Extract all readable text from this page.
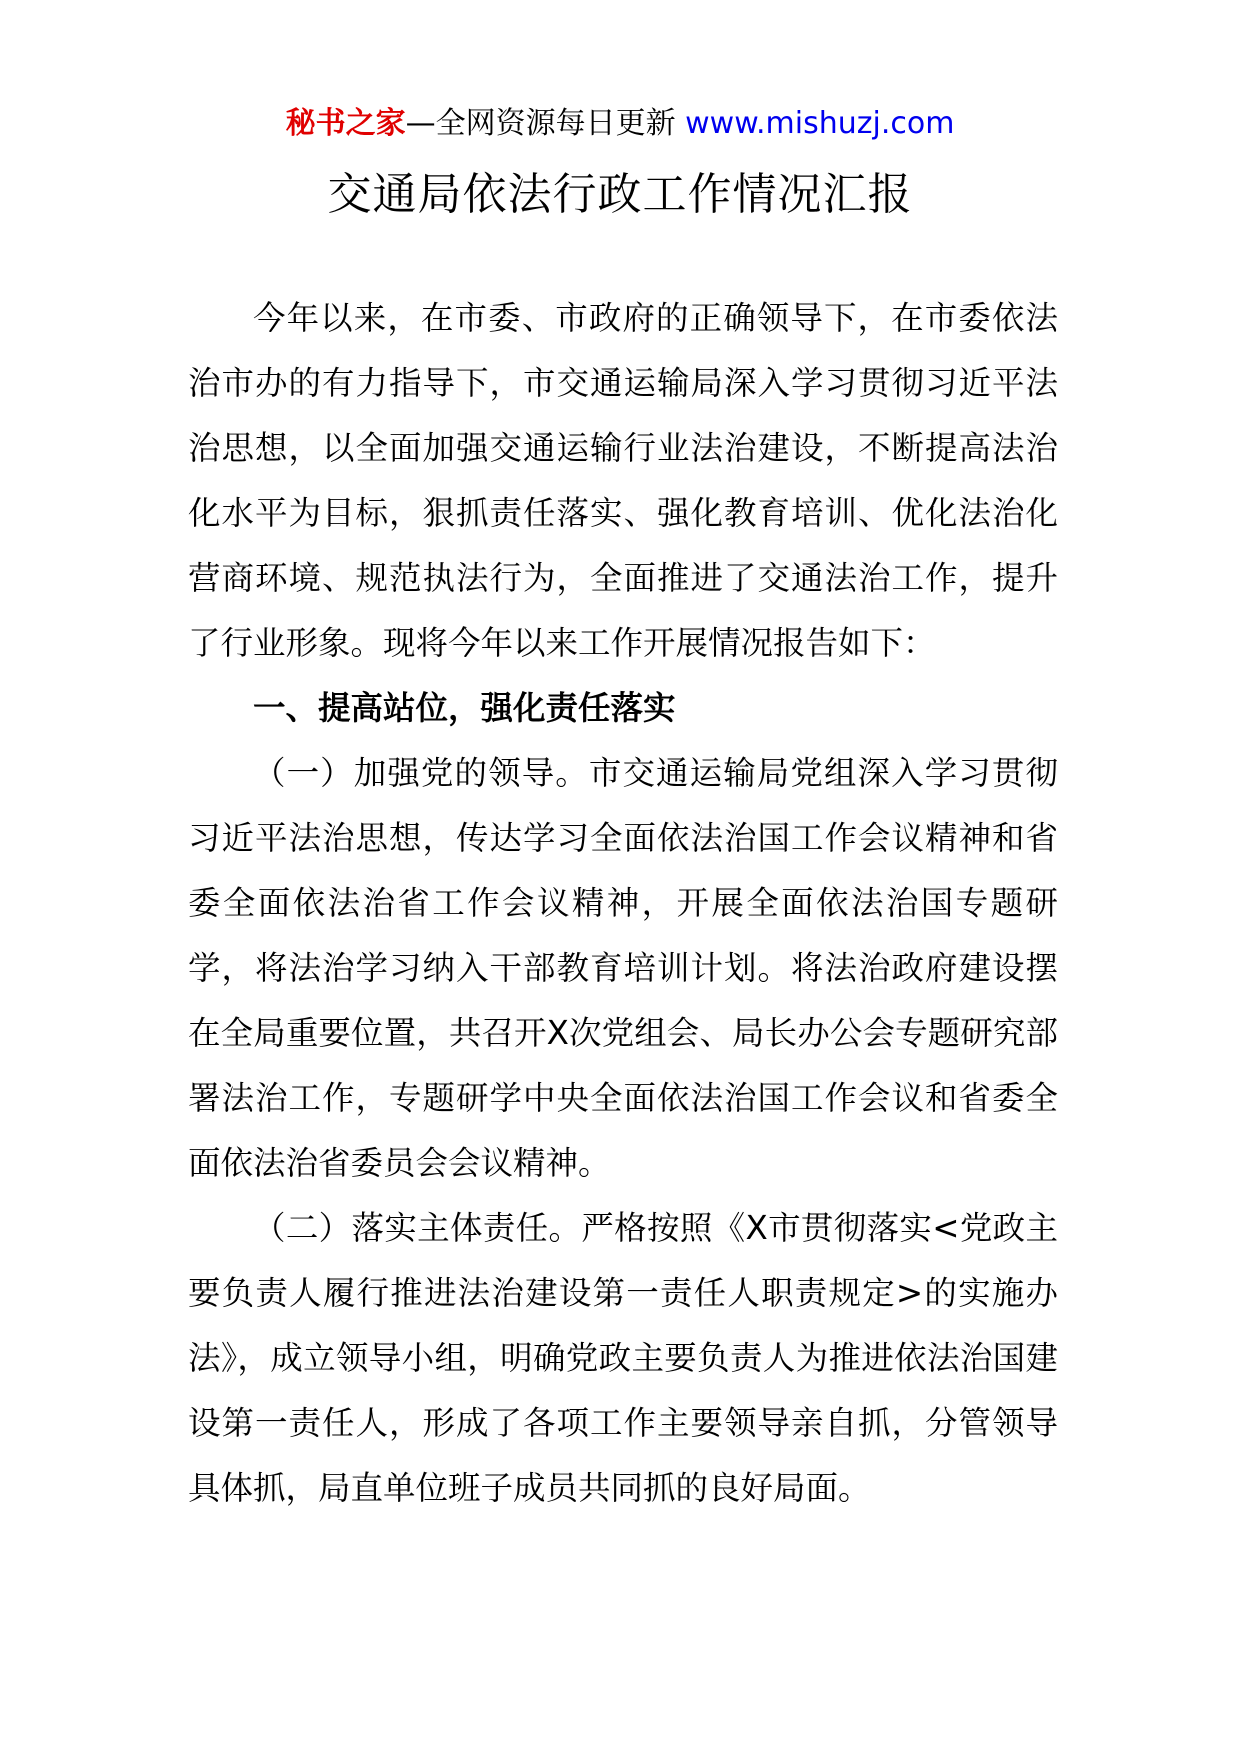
秘书之家—全网资源每日更新 www.mishuzj.com
交通局依法行政工作情况汇报

今年以来，在市委、市政府的正确领导下，在市委依法治市办的有力指导下，市交通运输局深入学习贯彻习近平法治思想，以全面加强交通运输行业法治建设，不断提高法治化水平为目标，狠抓责任落实、强化教育培训、优化法治化营商环境、规范执法行为，全面推进了交通法治工作，提升了行业形象。现将今年以来工作开展情况报告如下：

一、提高站位，强化责任落实

（一）加强党的领导。市交通运输局党组深入学习贯彻习近平法治思想，传达学习全面依法治国工作会议精神和省委全面依法治省工作会议精神，开展全面依法治国专题研学，将法治学习纳入干部教育培训计划。将法治政府建设摆在全局重要位置，共召开X次党组会、局长办公会专题研究部署法治工作，专题研学中央全面依法治国工作会议和省委全面依法治省委员会会议精神。

（二）落实主体责任。严格按照《X市贯彻落实<党政主要负责人履行推进法治建设第一责任人职责规定>的实施办法》，成立领导小组，明确党政主要负责人为推进依法治国建设第一责任人，形成了各项工作主要领导亲自抓，分管领导具体抓，局直单位班子成员共同抓的良好局面。
